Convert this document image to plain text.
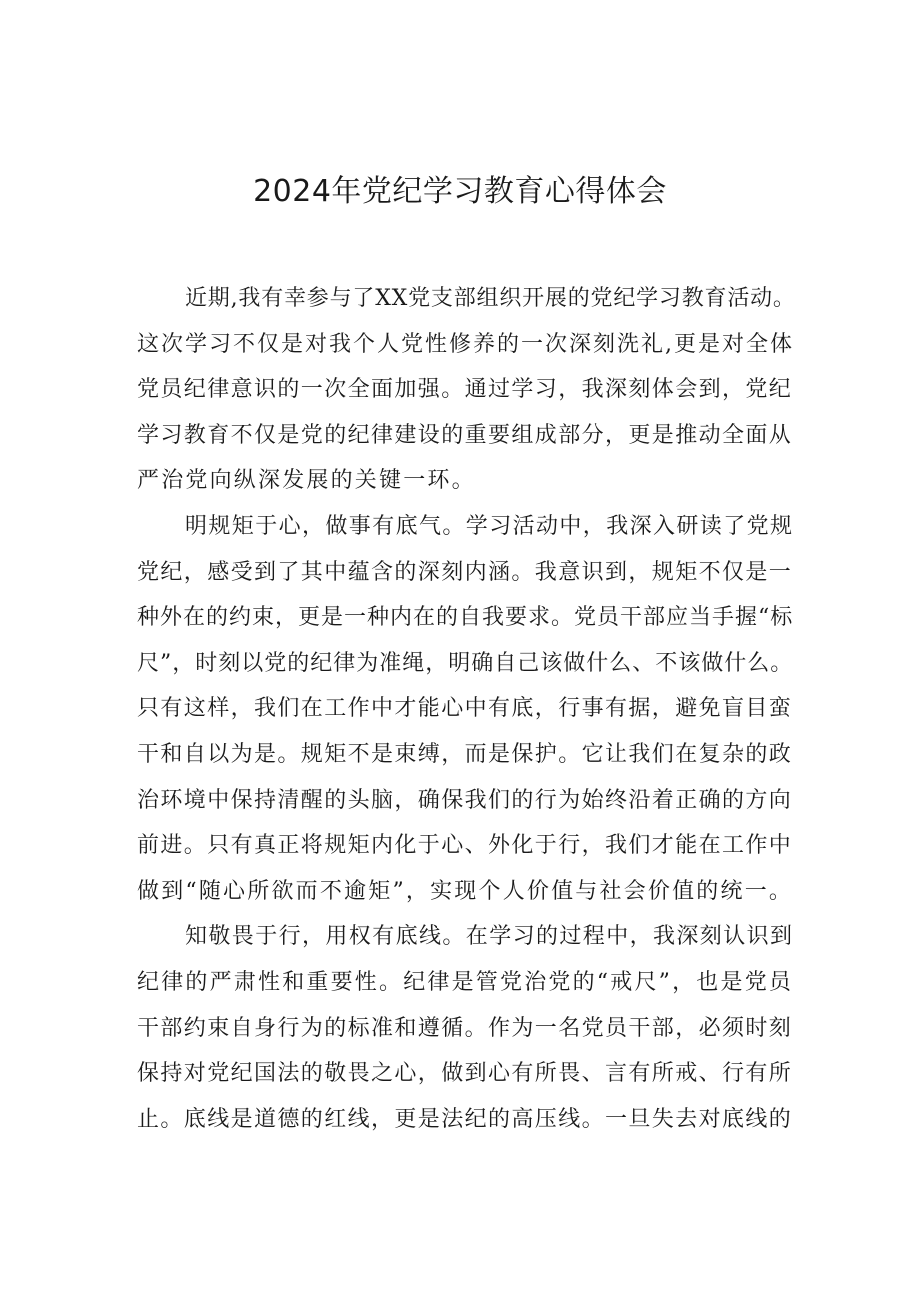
2024年党纪学习教育心得体会
近期,我有幸参与了XX党支部组织开展的党纪学习教育活动。
这次学习不仅是对我个人党性修养的一次深刻洗礼,更是对全体
党员纪律意识的一次全面加强。通过学习，我深刻体会到，党纪
学习教育不仅是党的纪律建设的重要组成部分，更是推动全面从
严治党向纵深发展的关键一环。
明规矩于心，做事有底气。学习活动中，我深入研读了党规
党纪，感受到了其中蕴含的深刻内涵。我意识到，规矩不仅是一
种外在的约束，更是一种内在的自我要求。党员干部应当手握“标
尺”，时刻以党的纪律为准绳，明确自己该做什么、不该做什么。
只有这样，我们在工作中才能心中有底，行事有据，避免盲目蛮
干和自以为是。规矩不是束缚，而是保护。它让我们在复杂的政
治环境中保持清醒的头脑，确保我们的行为始终沿着正确的方向
前进。只有真正将规矩内化于心、外化于行，我们才能在工作中
做到“随心所欲而不逾矩”，实现个人价值与社会价值的统一。
知敬畏于行，用权有底线。在学习的过程中，我深刻认识到
纪律的严肃性和重要性。纪律是管党治党的“戒尺”，也是党员
干部约束自身行为的标准和遵循。作为一名党员干部，必须时刻
保持对党纪国法的敬畏之心，做到心有所畏、言有所戒、行有所
止。底线是道德的红线，更是法纪的高压线。一旦失去对底线的
